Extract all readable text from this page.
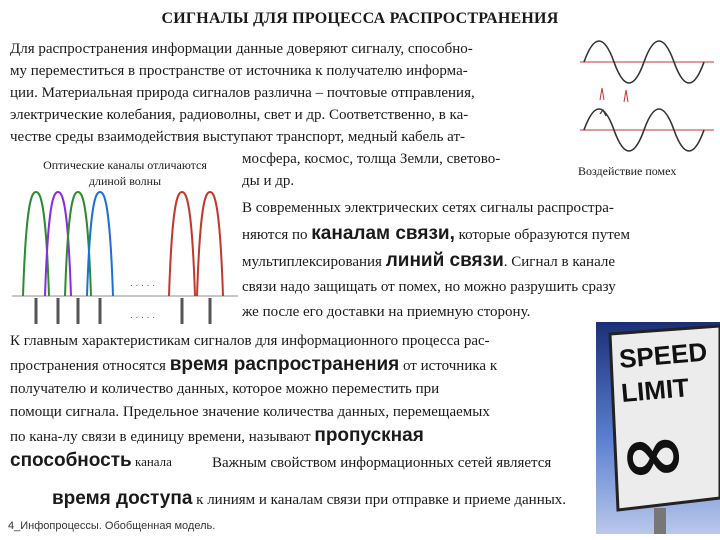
СИГНАЛЫ ДЛЯ ПРОЦЕССА РАСПРОСТРАНЕНИЯ
Для распространения информации данные доверяют сигналу, способно-
му переместиться в пространстве от источника к получателю информа-
ции. Материальная природа сигналов различна – почтовые отправления,
электрические колебания, радиоволны, свет и др. Соответственно, в ка-
честве среды взаимодействия выступают транспорт, медный кабель ат-
мосфера, космос, толща Земли, светово-
ды и др.
Оптические каналы отличаются
длиной волны
Воздействие помех
. . . . .
. . . . .
В современных электрических сетях сигналы распростра-
няются по каналам связи, которые образуются путем
мультиплексирования линий связи. Сигнал в канале
связи надо защищать от помех, но можно разрушить сразу
же после его доставки на приемную сторону.
К главным характеристикам сигналов для информационного процесса рас-
пространения относятся время распространения от источника к
получателю и количество данных, которое можно переместить при
помощи сигнала. Предельное значение количества данных, перемещаемых
по кана-лу связи в единицу времени, называют пропускная
способность канала	Важным свойством информационных сетей является
время доступа к линиям и каналам связи при отправке и приеме данных.
SPEED
LIMIT
∞
4_Инфопроцессы. Обобщенная модель.
